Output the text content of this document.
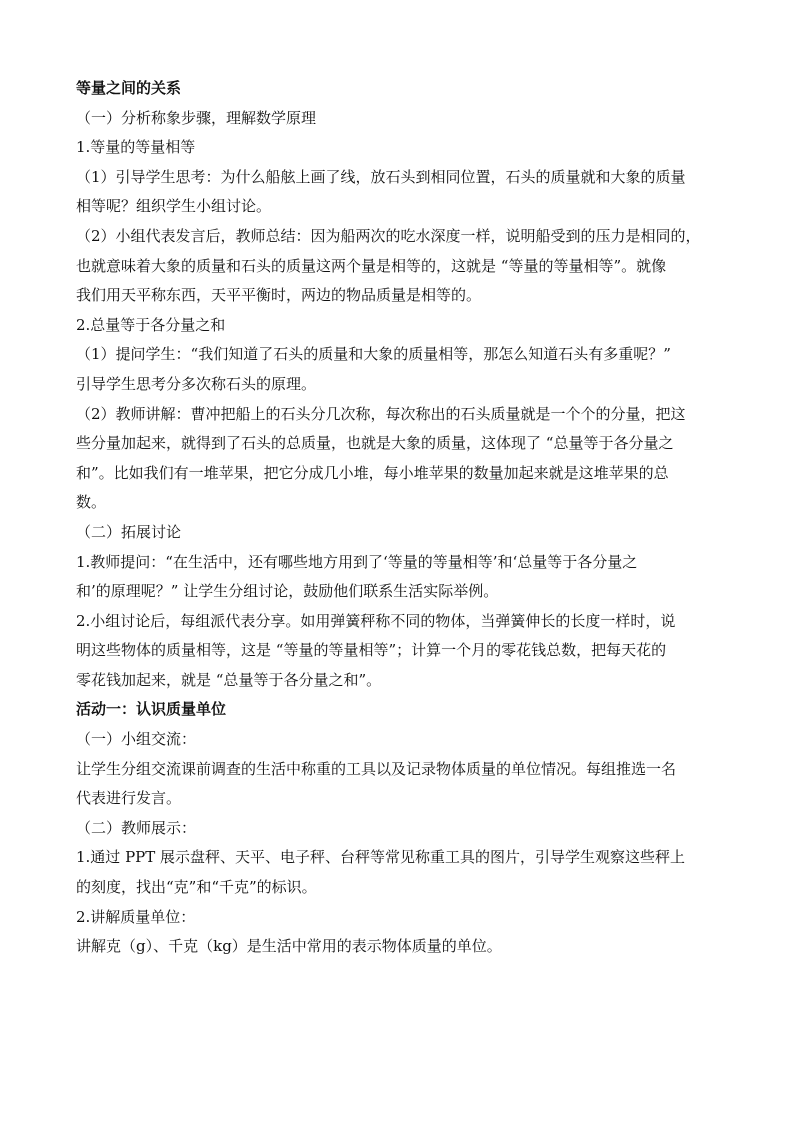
等量之间的关系
（一）分析称象步骤，理解数学原理
1.等量的等量相等
（1）引导学生思考：为什么船舷上画了线，放石头到相同位置，石头的质量就和大象的质量
相等呢？组织学生小组讨论。
（2）小组代表发言后，教师总结：因为船两次的吃水深度一样，说明船受到的压力是相同的，
也就意味着大象的质量和石头的质量这两个量是相等的，这就是 “等量的等量相等”。就像
我们用天平称东西，天平平衡时，两边的物品质量是相等的。
2.总量等于各分量之和
（1）提问学生：“我们知道了石头的质量和大象的质量相等，那怎么知道石头有多重呢？”
引导学生思考分多次称石头的原理。
（2）教师讲解：曹冲把船上的石头分几次称，每次称出的石头质量就是一个个的分量，把这
些分量加起来，就得到了石头的总质量，也就是大象的质量，这体现了 “总量等于各分量之
和”。比如我们有一堆苹果，把它分成几小堆，每小堆苹果的数量加起来就是这堆苹果的总
数。
（二）拓展讨论
1.教师提问：“在生活中，还有哪些地方用到了‘等量的等量相等’和‘总量等于各分量之
和’的原理呢？” 让学生分组讨论，鼓励他们联系生活实际举例。
2.小组讨论后，每组派代表分享。如用弹簧秤称不同的物体，当弹簧伸长的长度一样时，说
明这些物体的质量相等，这是 “等量的等量相等”；计算一个月的零花钱总数，把每天花的
零花钱加起来，就是 “总量等于各分量之和”。
活动一：认识质量单位
（一）小组交流：
让学生分组交流课前调查的生活中称重的工具以及记录物体质量的单位情况。每组推选一名
代表进行发言。
（二）教师展示：
1.通过 PPT 展示盘秤、天平、电子秤、台秤等常见称重工具的图片，引导学生观察这些秤上
的刻度，找出“克”和“千克”的标识。
2.讲解质量单位：
讲解克（g）、千克（kg）是生活中常用的表示物体质量的单位。
